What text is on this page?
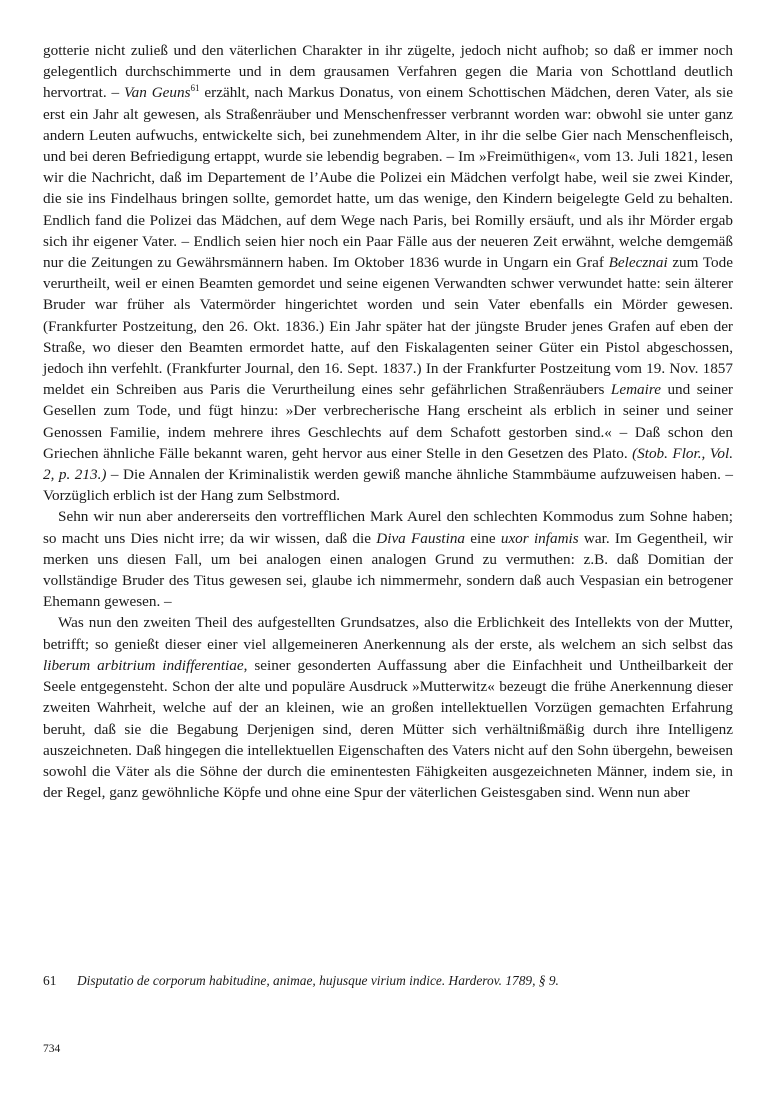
gotterie nicht zuließ und den väterlichen Charakter in ihr zügelte, jedoch nicht aufhob; so daß er immer noch gelegentlich durchschimmerte und in dem grausamen Verfahren gegen die Maria von Schottland deutlich hervortrat. – Van Geuns$^{61}$ erzählt, nach Markus Donatus, von einem Schottischen Mädchen, deren Vater, als sie erst ein Jahr alt gewesen, als Straßenräuber und Menschenfresser verbrannt worden war: obwohl sie unter ganz andern Leuten aufwuchs, entwickelte sich, bei zunehmendem Alter, in ihr die selbe Gier nach Menschenfleisch, und bei deren Befriedigung ertappt, wurde sie lebendig begraben. – Im »Freimüthigen«, vom 13. Juli 1821, lesen wir die Nachricht, daß im Departement de l’Aube die Polizei ein Mädchen verfolgt habe, weil sie zwei Kinder, die sie ins Findelhaus bringen sollte, gemordet hatte, um das wenige, den Kindern beigelegte Geld zu behalten. Endlich fand die Polizei das Mädchen, auf dem Wege nach Paris, bei Romilly ersäuft, und als ihr Mörder ergab sich ihr eigener Vater. – Endlich seien hier noch ein Paar Fälle aus der neueren Zeit erwähnt, welche demgemäß nur die Zeitungen zu Gewährsmännern haben. Im Oktober 1836 wurde in Ungarn ein Graf Belecznai zum Tode verurtheilt, weil er einen Beamten gemordet und seine eigenen Verwandten schwer verwundet hatte: sein älterer Bruder war früher als Vatermörder hingerichtet worden und sein Vater ebenfalls ein Mörder gewesen. (Frankfurter Postzeitung, den 26. Okt. 1836.) Ein Jahr später hat der jüngste Bruder jenes Grafen auf eben der Straße, wo dieser den Beamten ermordet hatte, auf den Fiskalagenten seiner Güter ein Pistol abgeschossen, jedoch ihn verfehlt. (Frankfurter Journal, den 16. Sept. 1837.) In der Frankfurter Postzeitung vom 19. Nov. 1857 meldet ein Schreiben aus Paris die Verurtheilung eines sehr gefährlichen Straßenräubers Lemaire und seiner Gesellen zum Tode, und fügt hinzu: »Der verbrecherische Hang erscheint als erblich in seiner und seiner Genossen Familie, indem mehrere ihres Geschlechts auf dem Schafott gestorben sind.« – Daß schon den Griechen ähnliche Fälle bekannt waren, geht hervor aus einer Stelle in den Gesetzen des Plato. (Stob. Flor., Vol. 2, p. 213.) – Die Annalen der Kriminalistik werden gewiß manche ähnliche Stammbäume aufzuweisen haben. – Vorzüglich erblich ist der Hang zum Selbstmord.

Sehn wir nun aber andererseits den vortrefflichen Mark Aurel den schlechten Kommodus zum Sohne haben; so macht uns Dies nicht irre; da wir wissen, daß die Diva Faustina eine uxor infamis war. Im Gegentheil, wir merken uns diesen Fall, um bei analogen einen analogen Grund zu vermuthen: z.B. daß Domitian der vollständige Bruder des Titus gewesen sei, glaube ich nimmermehr, sondern daß auch Vespasian ein betrogener Ehemann gewesen. –

Was nun den zweiten Theil des aufgestellten Grundsatzes, also die Erblichkeit des Intellekts von der Mutter, betrifft; so genießt dieser einer viel allgemeineren Anerkennung als der erste, als welchem an sich selbst das liberum arbitrium indifferentiae, seiner gesonderten Auffassung aber die Einfachheit und Untheilbarkeit der Seele entgegensteht. Schon der alte und populäre Ausdruck »Mutterwitz« bezeugt die frühe Anerkennung dieser zweiten Wahrheit, welche auf der an kleinen, wie an großen intellektuellen Vorzügen gemachten Erfahrung beruht, daß sie die Begabung Derjenigen sind, deren Mütter sich verhältnißmäßig durch ihre Intelligenz auszeichneten. Daß hingegen die intellektuellen Eigenschaften des Vaters nicht auf den Sohn übergehn, beweisen sowohl die Väter als die Söhne der durch die eminentesten Fähigkeiten ausgezeichneten Männer, indem sie, in der Regel, ganz gewöhnliche Köpfe und ohne eine Spur der väterlichen Geistesgaben sind. Wenn nun aber

61 Disputatio de corporum habitudine, animae, hujusque virium indice. Harderov. 1789, § 9.
734
